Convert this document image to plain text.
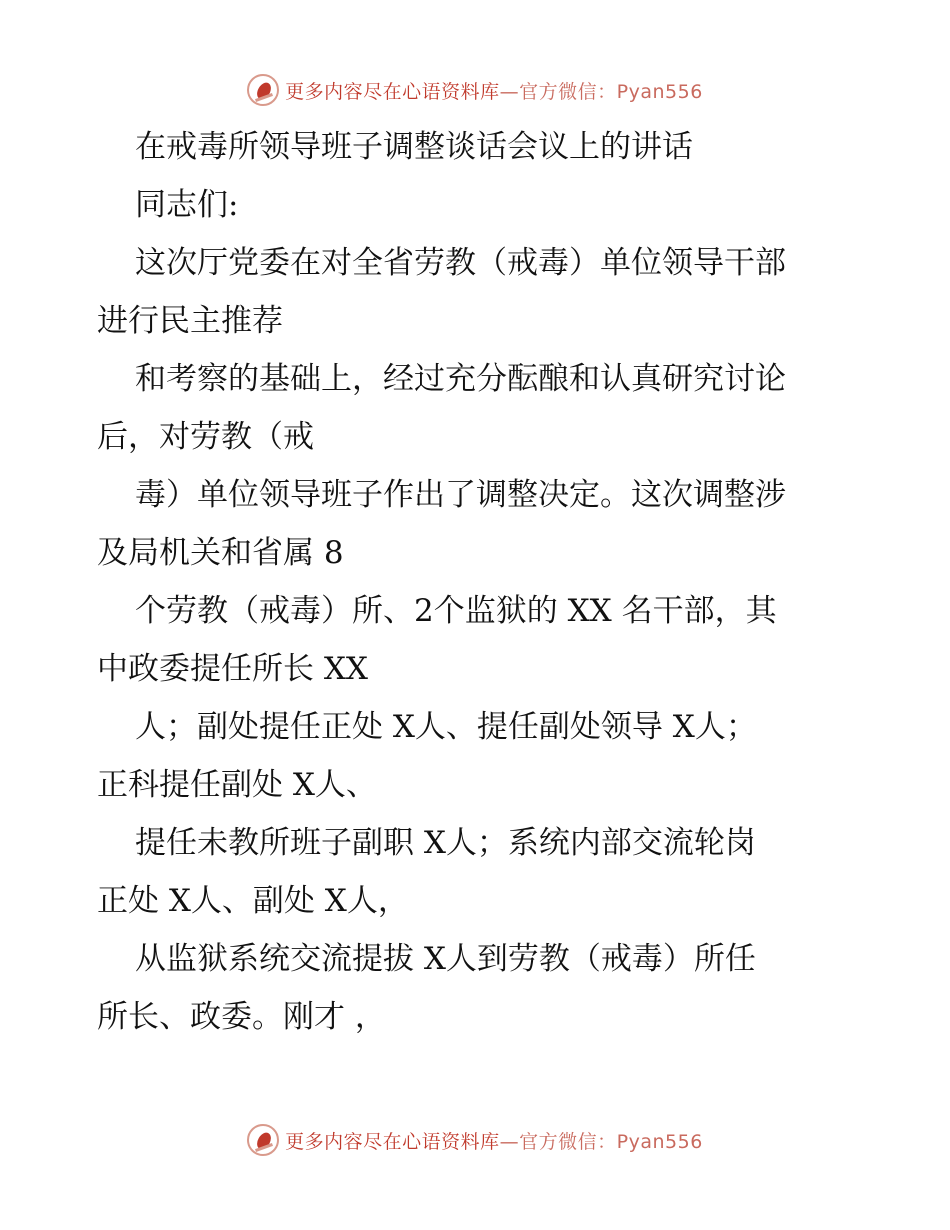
更多内容尽在心语资料库—官方微信：Pyan556
在戒毒所领导班子调整谈话会议上的讲话
同志们:
这次厅党委在对全省劳教（戒毒）单位领导干部
进行民主推荐
和考察的基础上，经过充分酝酿和认真研究讨论
后，对劳教（戒
毒）单位领导班子作出了调整决定。这次调整涉
及局机关和省属 8
个劳教（戒毒）所、2个监狱的 XX 名干部，其
中政委提任所长 XX
人；副处提任正处 X人、提任副处领导 X人；
正科提任副处 X人、
提任未教所班子副职 X人；系统内部交流轮岗
正处 X人、副处 X人，
从监狱系统交流提拔 X人到劳教（戒毒）所任
所长、政委。刚才 ，
更多内容尽在心语资料库—官方微信：Pyan556
